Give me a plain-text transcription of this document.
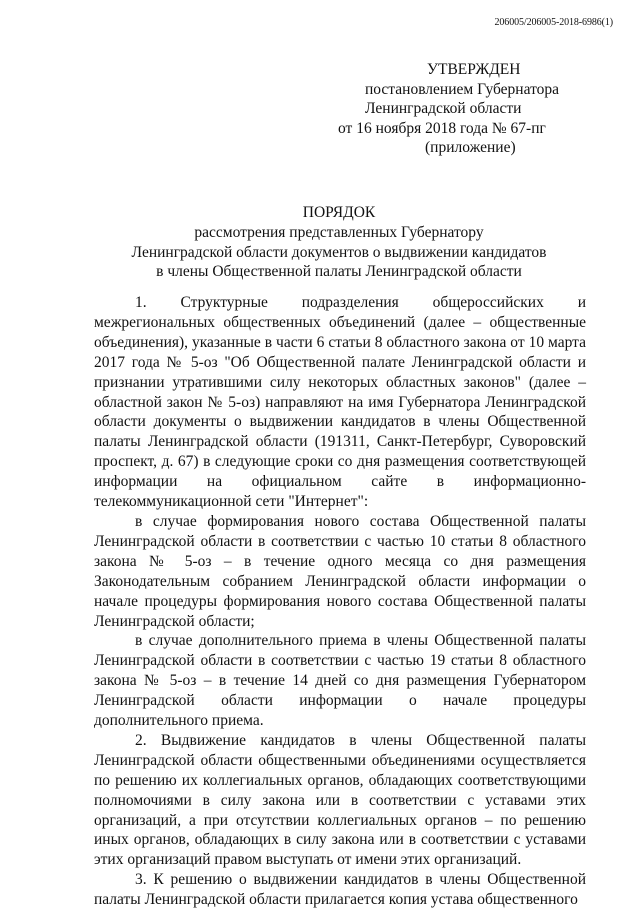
206005/206005-2018-6986(1)
УТВЕРЖДЕН
постановлением Губернатора
Ленинградской области
от 16 ноября 2018 года № 67-пг
(приложение)
ПОРЯДОК
рассмотрения представленных Губернатору
Ленинградской области документов о выдвижении кандидатов
в члены Общественной палаты Ленинградской области

1. Структурные подразделения общероссийских и межрегиональных общественных объединений (далее – общественные объединения), указанные в части 6 статьи 8 областного закона от 10 марта 2017 года № 5-оз "Об Общественной палате Ленинградской области и признании утратившими силу некоторых областных законов" (далее – областной закон № 5-оз) направляют на имя Губернатора Ленинградской области документы о выдвижении кандидатов в члены Общественной палаты Ленинградской области (191311, Санкт-Петербург, Суворовский проспект, д. 67) в следующие сроки со дня размещения соответствующей информации на официальном сайте в информационно-телекоммуникационной сети "Интернет":

в случае формирования нового состава Общественной палаты Ленинградской области в соответствии с частью 10 статьи 8 областного закона № 5-оз – в течение одного месяца со дня размещения Законодательным собранием Ленинградской области информации о начале процедуры формирования нового состава Общественной палаты Ленинградской области;

в случае дополнительного приема в члены Общественной палаты Ленинградской области в соответствии с частью 19 статьи 8 областного закона № 5-оз – в течение 14 дней со дня размещения Губернатором Ленинградской области информации о начале процедуры дополнительного приема.

2. Выдвижение кандидатов в члены Общественной палаты Ленинградской области общественными объединениями осуществляется по решению их коллегиальных органов, обладающих соответствующими полномочиями в силу закона или в соответствии с уставами этих организаций, а при отсутствии коллегиальных органов – по решению иных органов, обладающих в силу закона или в соответствии с уставами этих организаций правом выступать от имени этих организаций.

3. К решению о выдвижении кандидатов в члены Общественной палаты Ленинградской области прилагается копия устава общественного
